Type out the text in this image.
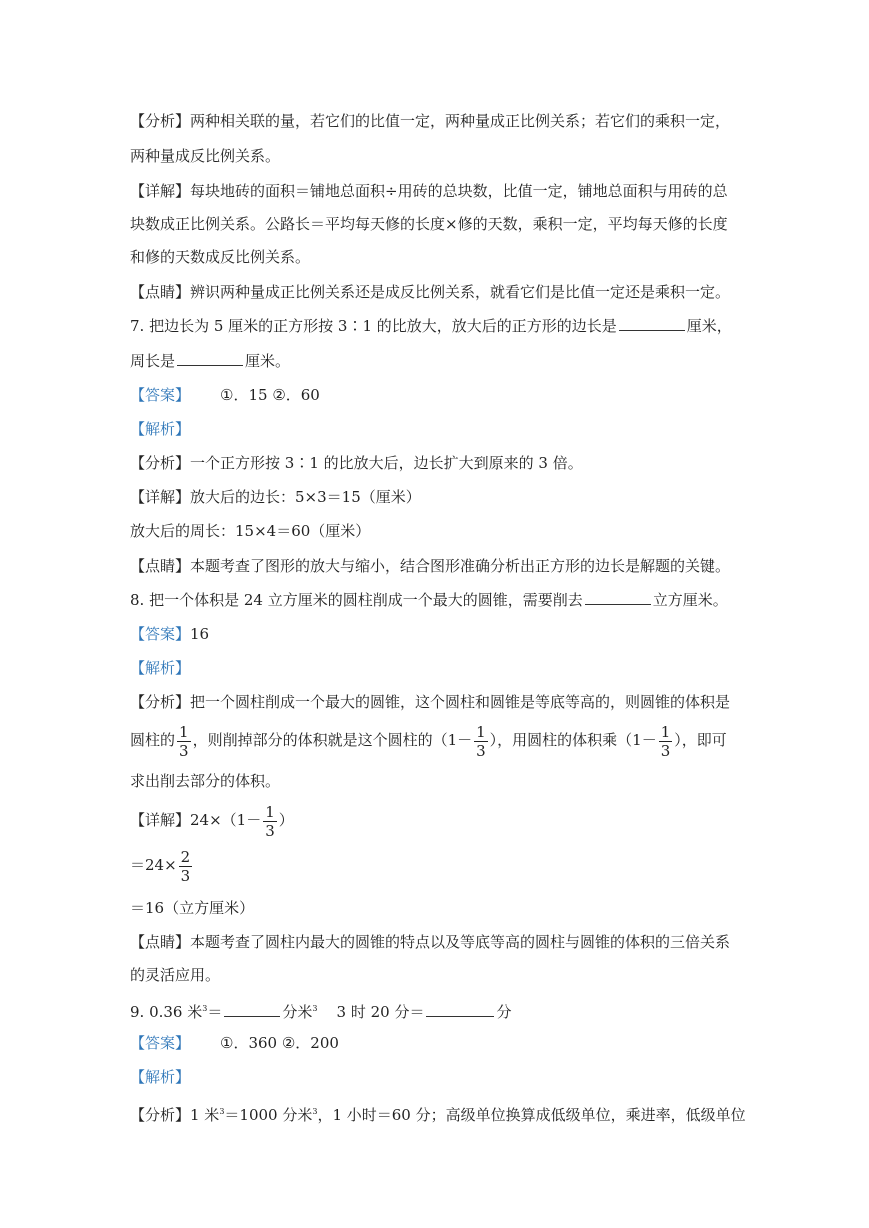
【分析】两种相关联的量，若它们的比值一定，两种量成正比例关系；若它们的乘积一定，
两种量成反比例关系。
【详解】每块地砖的面积＝铺地总面积÷用砖的总块数，比值一定，铺地总面积与用砖的总
块数成正比例关系。公路长＝平均每天修的长度×修的天数，乘积一定，平均每天修的长度
和修的天数成反比例关系。
【点睛】辨识两种量成正比例关系还是成反比例关系，就看它们是比值一定还是乘积一定。
7. 把边长为 5 厘米的正方形按 3∶1 的比放大，放大后的正方形的边长是	厘米，
周长是	厘米。
【答案】 ①．15 ②．60
【解析】
【分析】一个正方形按 3∶1 的比放大后，边长扩大到原来的 3 倍。
【详解】放大后的边长：5×3＝15（厘米）
放大后的周长：15×4＝60（厘米）
【点睛】本题考查了图形的放大与缩小，结合图形准确分析出正方形的边长是解题的关键。
8. 把一个体积是 24 立方厘米的圆柱削成一个最大的圆锥，需要削去	立方厘米。
【答案】16
【解析】
【分析】把一个圆柱削成一个最大的圆锥，这个圆柱和圆锥是等底等高的，则圆锥的体积是
圆柱的 $\frac{1}{3}$ ，则削掉部分的体积就是这个圆柱的（$1- \frac{1}{3}$ ），用圆柱的体积乘（$1- \frac{1}{3}$ ），即可
求出削去部分的体积。
【详解】$24\times(1- \frac{1}{3}$ ）
$=24\times \frac{2}{3}$
＝16（立方厘米）
【点睛】本题考查了圆柱内最大的圆锥的特点以及等底等高的圆柱与圆锥的体积的三倍关系
的灵活应用。
9. 0.36 米$^3$＝	分米$^3$    3 时 20 分＝	分
【答案】 ①．360 ②．200
【解析】
【分析】1 米$^3$＝1000 分米$^3$，1 小时＝60 分；高级单位换算成低级单位，乘进率，低级单位
